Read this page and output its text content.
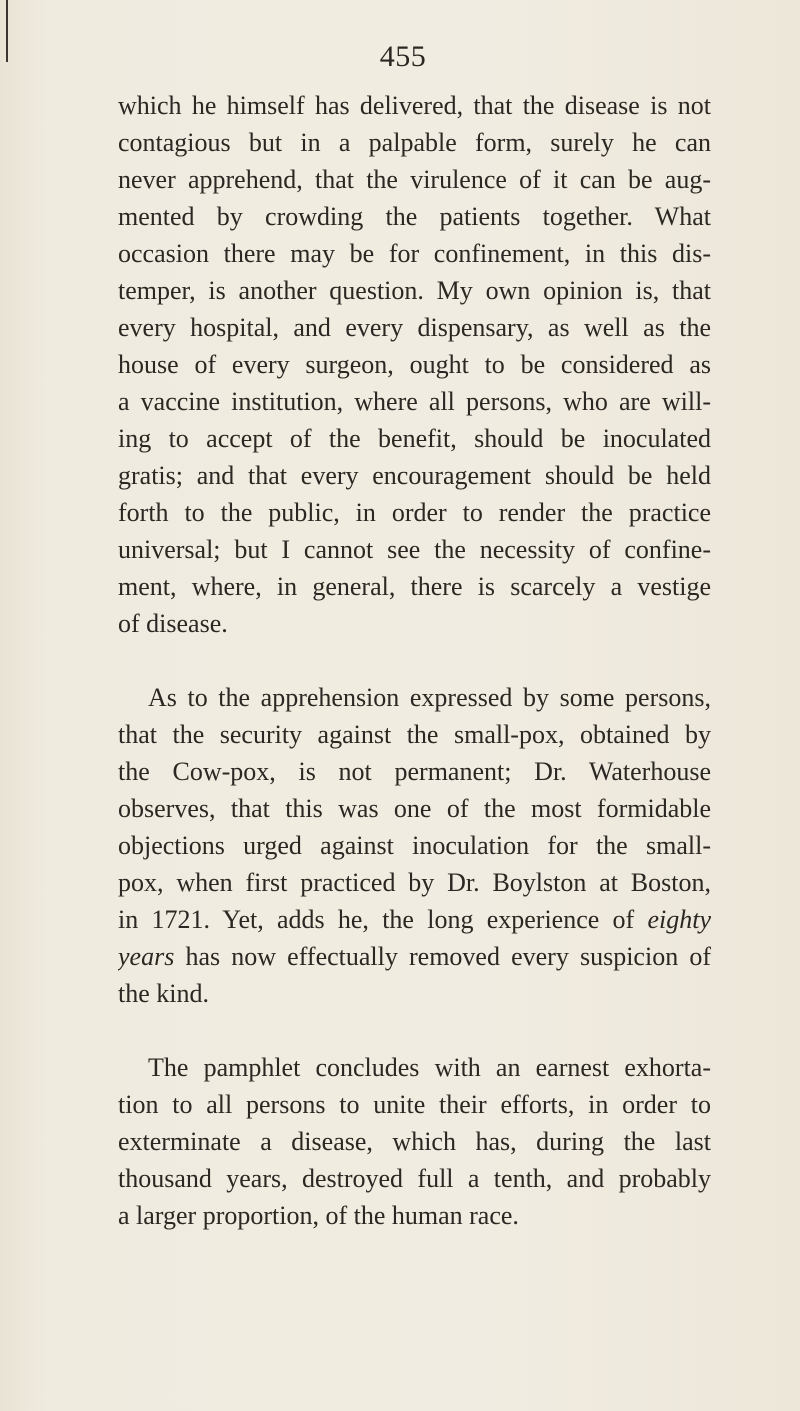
455
which he himself has delivered, that the disease is not
contagious but in a palpable form, surely he can
never apprehend, that the virulence of it can be aug-
mented by crowding the patients together. What
occasion there may be for confinement, in this dis-
temper, is another question. My own opinion is, that
every hospital, and every dispensary, as well as the
house of every surgeon, ought to be considered as
a vaccine institution, where all persons, who are will-
ing to accept of the benefit, should be inoculated
gratis; and that every encouragement should be held
forth to the public, in order to render the practice
universal; but I cannot see the necessity of confine-
ment, where, in general, there is scarcely a vestige
of disease.
As to the apprehension expressed by some persons,
that the security against the small-pox, obtained by
the Cow-pox, is not permanent; Dr. Waterhouse
observes, that this was one of the most formidable
objections urged against inoculation for the small-
pox, when first practiced by Dr. Boylston at Boston,
in 1721. Yet, adds he, the long experience of eighty
years has now effectually removed every suspicion of
the kind.
The pamphlet concludes with an earnest exhorta-
tion to all persons to unite their efforts, in order to
exterminate a disease, which has, during the last
thousand years, destroyed full a tenth, and probably
a larger proportion, of the human race.
